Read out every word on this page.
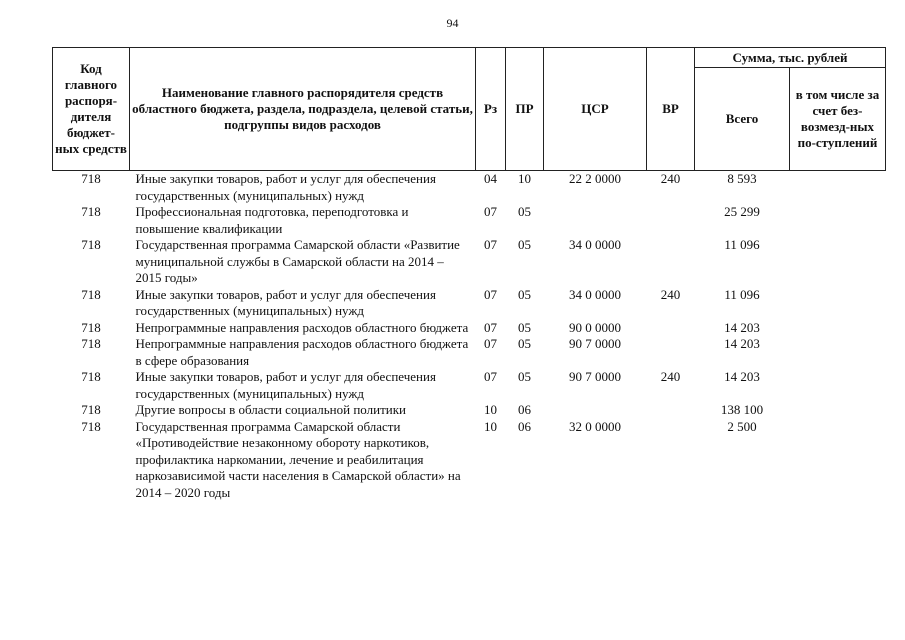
94
Код главного распоря-дителя бюджет-ных средств	Наименование главного распорядителя средств областного бюджета, раздела, подраздела, целевой статьи, подгруппы видов расходов	Рз	ПР	ЦСР	ВР	Сумма, тыс. рублей	
						Всего	в том числе за счет без-возмезд-ных по-ступлений
718	Иные закупки товаров, работ и услуг для обеспечения государственных (муниципальных) нужд	04	10	22 2 0000	240	8 593	
718	Профессиональная подготовка, переподготовка и повышение квалификации	07	05			25 299	
718	Государственная программа Самарской области «Развитие муниципальной службы в Самарской области на 2014 – 2015 годы»	07	05	34 0 0000		11 096	
718	Иные закупки товаров, работ и услуг для обеспечения государственных (муниципальных) нужд	07	05	34 0 0000	240	11 096	
718	Непрограммные направления расходов областного бюджета	07	05	90 0 0000		14 203	
718	Непрограммные направления расходов областного бюджета в сфере образования	07	05	90 7 0000		14 203	
718	Иные закупки товаров, работ и услуг для обеспечения государственных (муниципальных) нужд	07	05	90 7 0000	240	14 203	
718	Другие вопросы в области социальной политики	10	06			138 100	
718	Государственная программа Самарской области «Противодействие незаконному обороту наркотиков, профилактика наркомании, лечение и реабилитация наркозависимой части населения в Самарской области» на 2014 – 2020 годы	10	06	32 0 0000		2 500	
